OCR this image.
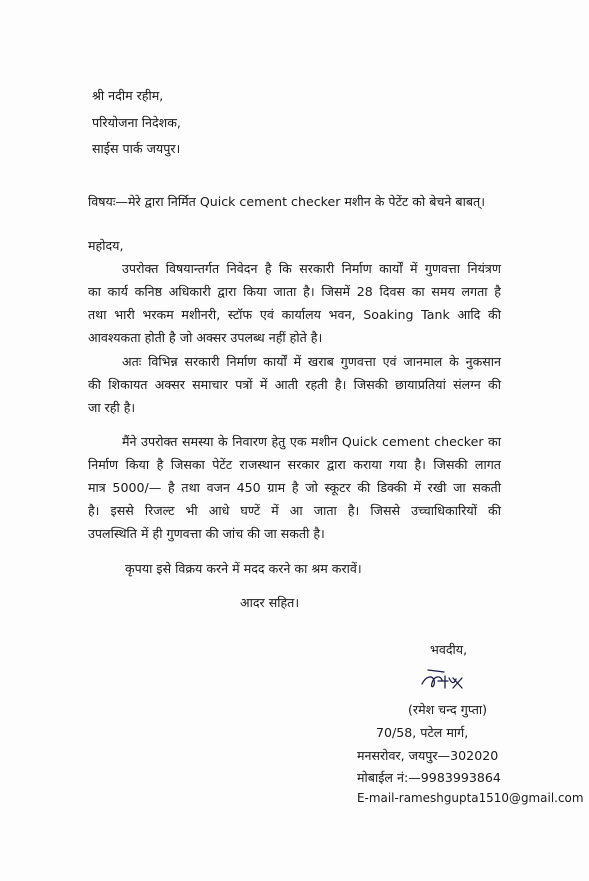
श्री नदीम रहीम,
परियोजना निदेशक,
साईस पार्क जयपुर।
विषयः—मेरे द्वारा निर्मित Quick cement checker मशीन के पेटेंट को बेचने बाबत्।
महोदय,
उपरोक्त विषयान्तर्गत निवेदन है कि सरकारी निर्माण कार्यों में गुणवत्ता नियंत्रण
का कार्य कनिष्ठ अधिकारी द्वारा किया जाता है। जिसमें 28 दिवस का समय लगता है
तथा भारी भरकम मशीनरी, स्टॉफ एवं कार्यालय भवन, Soaking Tank आदि की
आवश्यकता होती है जो अक्सर उपलब्ध नहीं होते है।
अतः विभिन्न सरकारी निर्माण कार्यों में खराब गुणवत्ता एवं जानमाल के नुकसान
की शिकायत अक्सर समाचार पत्रों में आती रहती है। जिसकी छायाप्रतियां संलग्न की
जा रही है।
मैंने उपरोक्त समस्या के निवारण हेतु एक मशीन Quick cement checker का
निर्माण किया है जिसका पेटेंट राजस्थान सरकार द्वारा कराया गया है। जिसकी लागत
मात्र 5000/— है तथा वजन 450 ग्राम है जो स्कूटर की डिक्की में रखी जा सकती
है। इससे रिजल्ट भी आधे घण्टें में आ जाता है। जिससे उच्चाधिकारियों की
उपलस्थिति में ही गुणवत्ता की जांच की जा सकती है।
कृपया इसे विक्रय करने में मदद करने का श्रम करावें।
आदर सहित।
भवदीय,
(रमेश चन्द गुप्ता)
70/58, पटेल मार्ग,
मनसरोवर, जयपुर—302020
मोबाईल नं:—9983993864
E-mail-rameshgupta1510@gmail.com
